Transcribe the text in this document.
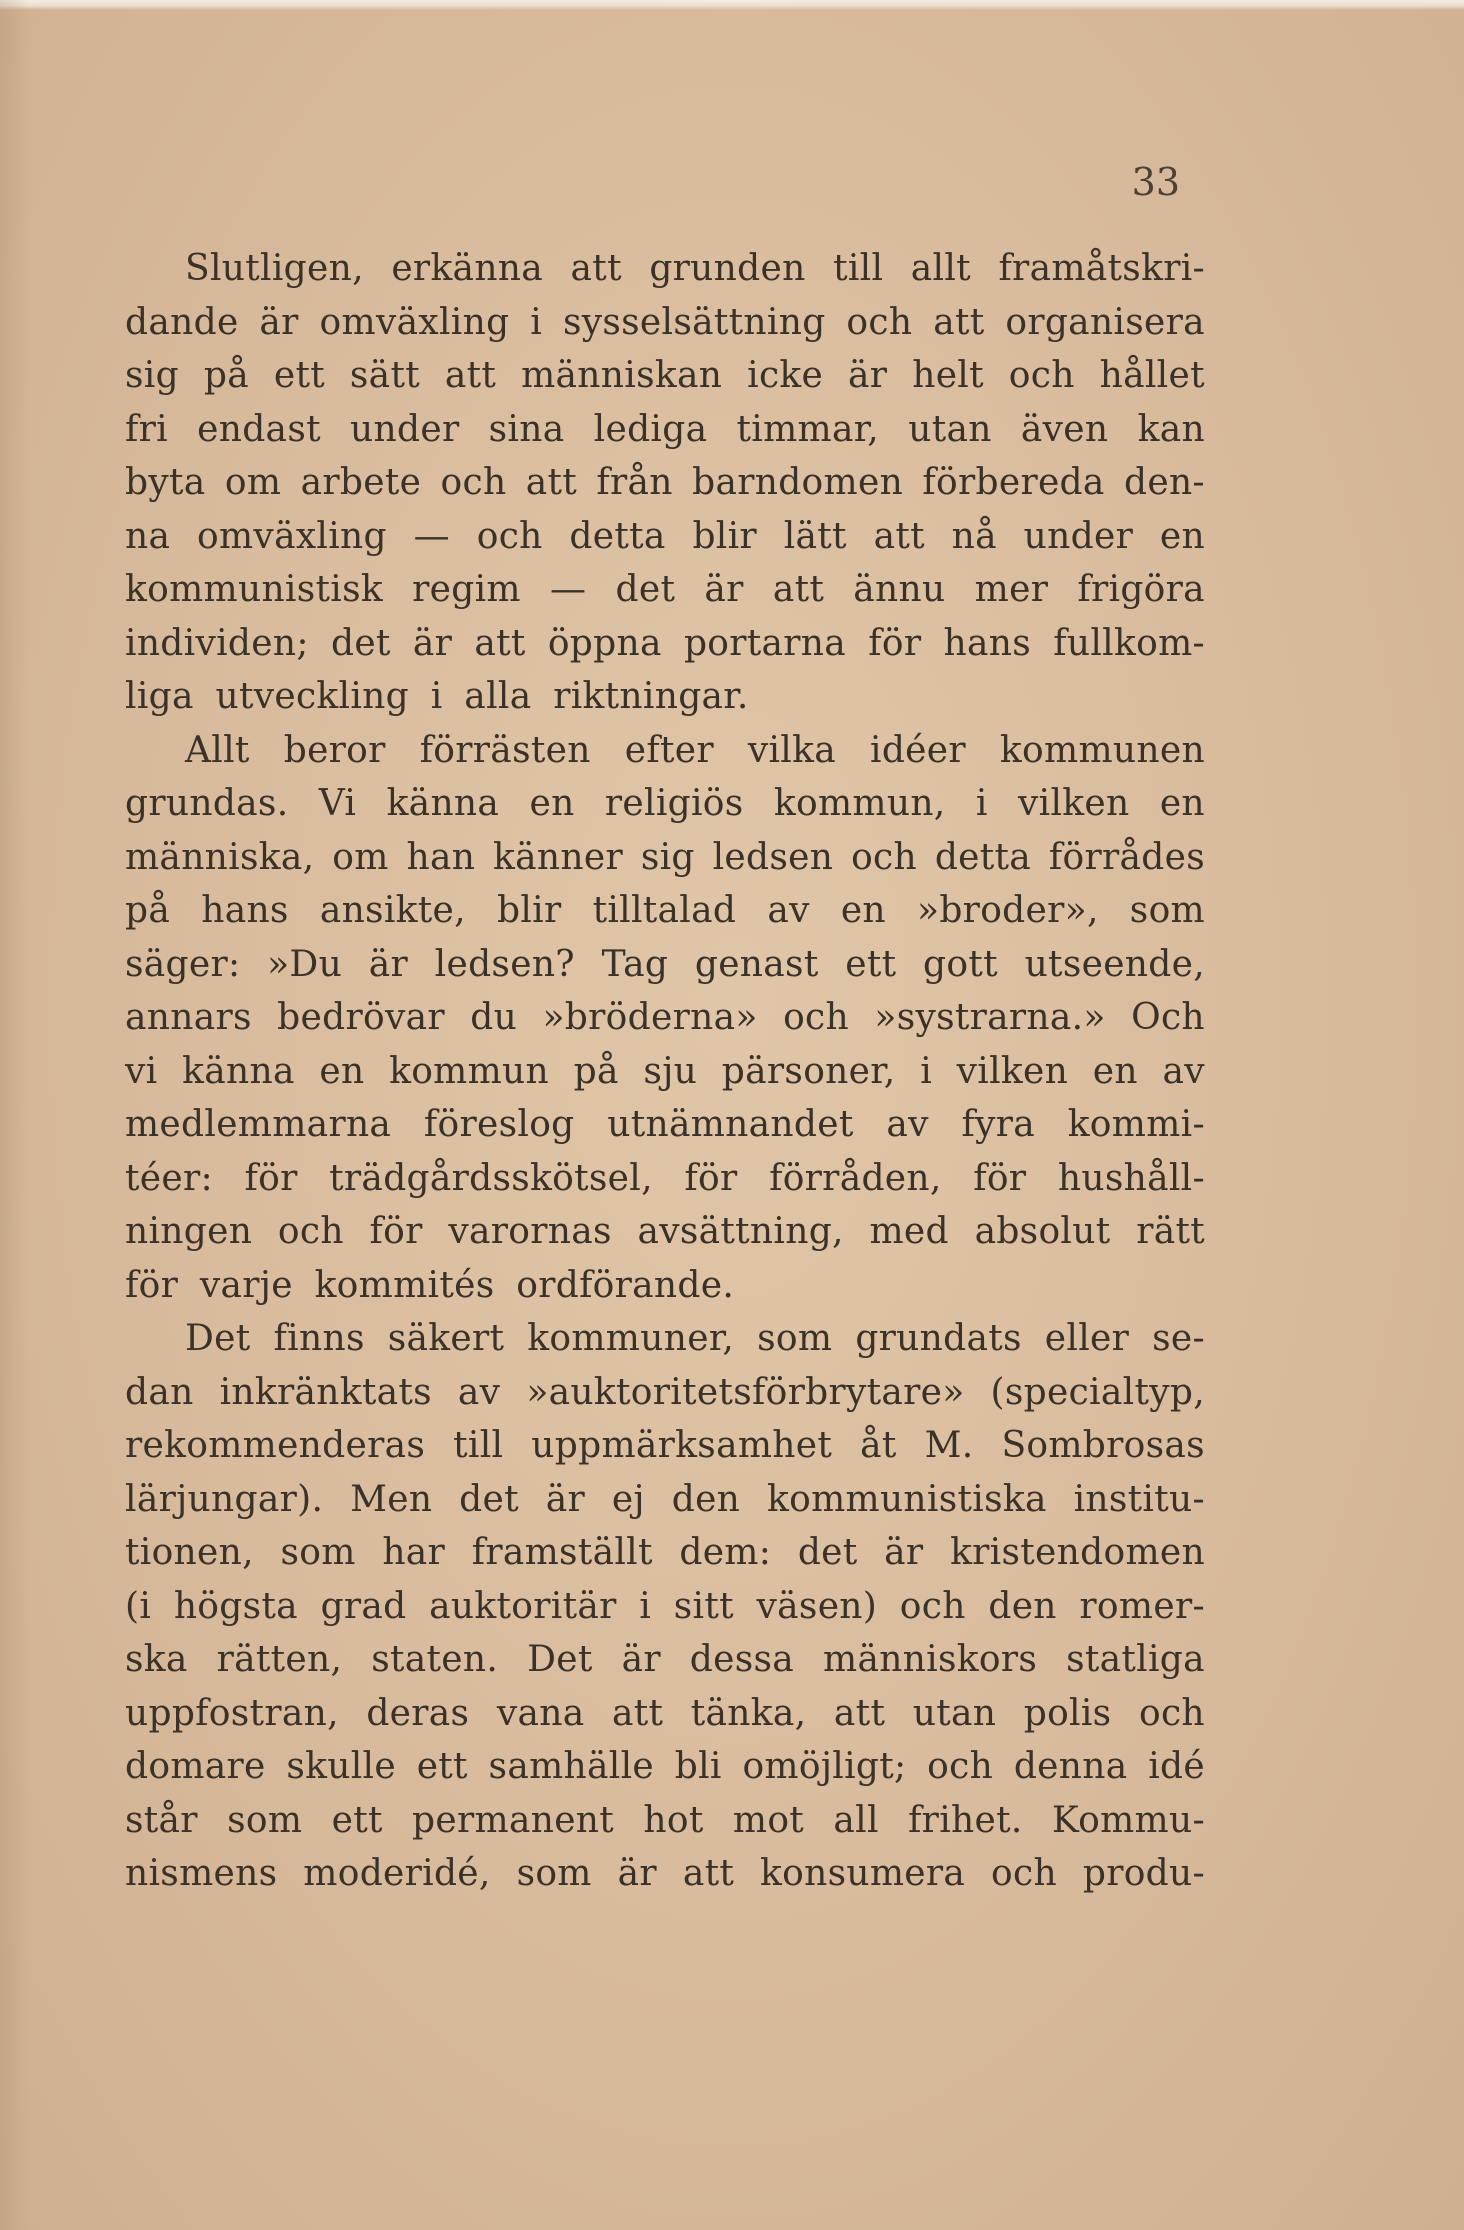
33
Slutligen, erkänna att grunden till allt framåtskri-
dande är omväxling i sysselsättning och att organisera
sig på ett sätt att människan icke är helt och hållet
fri endast under sina lediga timmar, utan även kan
byta om arbete och att från barndomen förbereda den-
na omväxling — och detta blir lätt att nå under en
kommunistisk regim — det är att ännu mer frigöra
individen; det är att öppna portarna för hans fullkom-
liga utveckling i alla riktningar.
Allt beror förrästen efter vilka idéer kommunen
grundas. Vi känna en religiös kommun, i vilken en
människa, om han känner sig ledsen och detta förrådes
på hans ansikte, blir tilltalad av en »broder», som
säger: »Du är ledsen? Tag genast ett gott utseende,
annars bedrövar du »bröderna» och »systrarna.» Och
vi känna en kommun på sju pärsoner, i vilken en av
medlemmarna föreslog utnämnandet av fyra kommi-
téer: för trädgårdsskötsel, för förråden, för hushåll-
ningen och för varornas avsättning, med absolut rätt
för varje kommités ordförande.
Det finns säkert kommuner, som grundats eller se-
dan inkränktats av »auktoritetsförbrytare» (specialtyp,
rekommenderas till uppmärksamhet åt M. Sombrosas
lärjungar). Men det är ej den kommunistiska institu-
tionen, som har framställt dem: det är kristendomen
(i högsta grad auktoritär i sitt väsen) och den romer-
ska rätten, staten. Det är dessa människors statliga
uppfostran, deras vana att tänka, att utan polis och
domare skulle ett samhälle bli omöjligt; och denna idé
står som ett permanent hot mot all frihet. Kommu-
nismens moderidé, som är att konsumera och produ-
